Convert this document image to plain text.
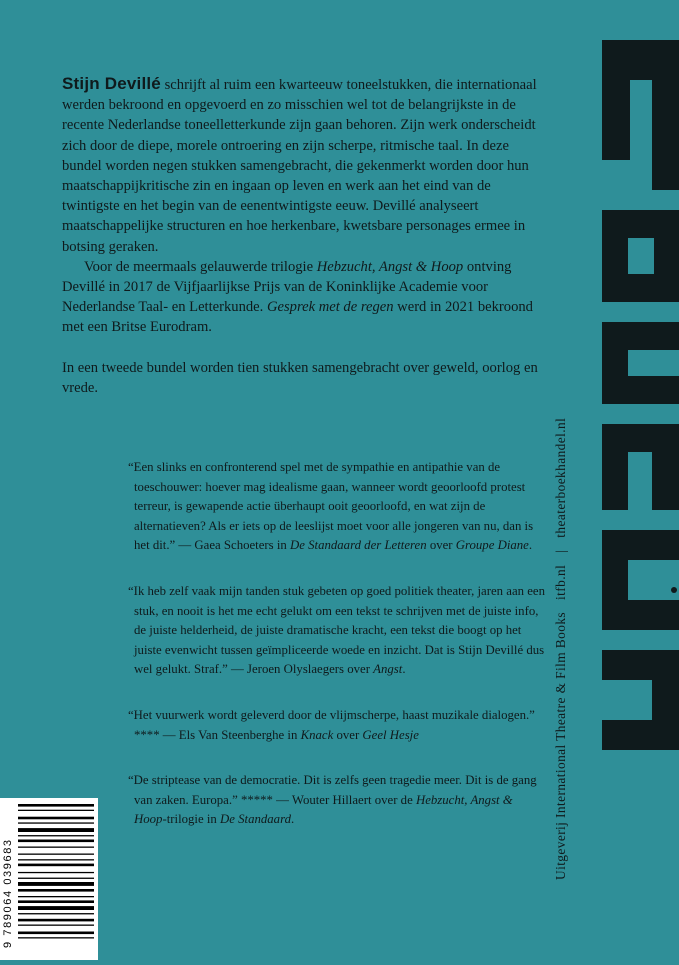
Stijn Devillé schrijft al ruim een kwarteeuw toneelstukken, die internationaal werden bekroond en opgevoerd en zo misschien wel tot de belangrijkste in de recente Nederlandse toneelletterkunde zijn gaan behoren. Zijn werk onderscheidt zich door de diepe, morele ontroering en zijn scherpe, ritmische taal. In deze bundel worden negen stukken samengebracht, die gekenmerkt worden door hun maatschappijkritische zin en ingaan op leven en werk aan het eind van de twintigste en het begin van de eenentwintigste eeuw. Devillé analyseert maatschappelijke structuren en hoe herkenbare, kwetsbare personages ermee in botsing geraken.

Voor de meermaals gelauwerde trilogie Hebzucht, Angst & Hoop ontving Devillé in 2017 de Vijfjaarlijkse Prijs van de Koninklijke Academie voor Nederlandse Taal- en Letterkunde. Gesprek met de regen werd in 2021 bekroond met een Britse Eurodram.

In een tweede bundel worden tien stukken samengebracht over geweld, oorlog en vrede.

“Een slinks en confronterend spel met de sympathie en antipathie van de toeschouwer: hoever mag idealisme gaan, wanneer wordt geoorloofd protest terreur, is gewapende actie überhaupt ooit geoorloofd, en wat zijn de alternatieven? Als er iets op de leeslijst moet voor alle jongeren van nu, dan is het dit.” — Gaea Schoeters in De Standaard der Letteren over Groupe Diane.

“Ik heb zelf vaak mijn tanden stuk gebeten op goed politiek theater, jaren aan een stuk, en nooit is het me echt gelukt om een tekst te schrijven met de juiste info, de juiste helderheid, de juiste dramatische kracht, een tekst die boogt op het juiste evenwicht tussen geïmpliceerde woede en inzicht. Dat is Stijn Devillé dus wel gelukt. Straf.” — Jeroen Olyslaegers over Angst.

“Het vuurwerk wordt geleverd door de vlijmscherpe, haast muzikale dialogen.” **** — Els Van Steenberghe in Knack over Geel Hesje

“De striptease van de democratie. Dit is zelfs geen tragedie meer. Dit is de gang van zaken. Europa.” ***** — Wouter Hillaert over de Hebzucht, Angst & Hoop-trilogie in De Standaard.	Uitgeverij International Theatre & Film Booksitfb.nl|theaterboekhandel.nl
9 789064 039683
